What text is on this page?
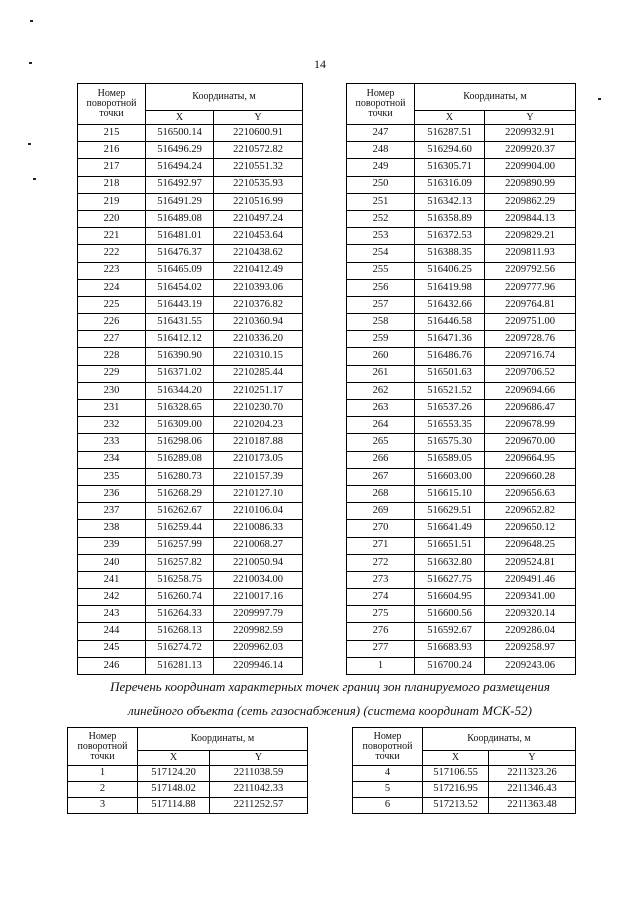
14
Номер поворотной точки	Координаты, м	
	X	Y
215	516500.14	2210600.91
216	516496.29	2210572.82
217	516494.24	2210551.32
218	516492.97	2210535.93
219	516491.29	2210516.99
220	516489.08	2210497.24
221	516481.01	2210453.64
222	516476.37	2210438.62
223	516465.09	2210412.49
224	516454.02	2210393.06
225	516443.19	2210376.82
226	516431.55	2210360.94
227	516412.12	2210336.20
228	516390.90	2210310.15
229	516371.02	2210285.44
230	516344.20	2210251.17
231	516328.65	2210230.70
232	516309.00	2210204.23
233	516298.06	2210187.88
234	516289.08	2210173.05
235	516280.73	2210157.39
236	516268.29	2210127.10
237	516262.67	2210106.04
238	516259.44	2210086.33
239	516257.99	2210068.27
240	516257.82	2210050.94
241	516258.75	2210034.00
242	516260.74	2210017.16
243	516264.33	2209997.79
244	516268.13	2209982.59
245	516274.72	2209962.03
246	516281.13	2209946.14
Номер поворотной точки	Координаты, м	
	X	Y
247	516287.51	2209932.91
248	516294.60	2209920.37
249	516305.71	2209904.00
250	516316.09	2209890.99
251	516342.13	2209862.29
252	516358.89	2209844.13
253	516372.53	2209829.21
254	516388.35	2209811.93
255	516406.25	2209792.56
256	516419.98	2209777.96
257	516432.66	2209764.81
258	516446.58	2209751.00
259	516471.36	2209728.76
260	516486.76	2209716.74
261	516501.63	2209706.52
262	516521.52	2209694.66
263	516537.26	2209686.47
264	516553.35	2209678.99
265	516575.30	2209670.00
266	516589.05	2209664.95
267	516603.00	2209660.28
268	516615.10	2209656.63
269	516629.51	2209652.82
270	516641.49	2209650.12
271	516651.51	2209648.25
272	516632.80	2209524.81
273	516627.75	2209491.46
274	516604.95	2209341.00
275	516600.56	2209320.14
276	516592.67	2209286.04
277	516683.93	2209258.97
1	516700.24	2209243.06
Перечень координат характерных точек границ зон планируемого размещения
линейного объекта (сеть газоснабжения) (система координат МСК-52)
Номер поворотной точки	Координаты, м	
	X	Y
1	517124.20	2211038.59
2	517148.02	2211042.33
3	517114.88	2211252.57
Номер поворотной точки	Координаты, м	
	X	Y
4	517106.55	2211323.26
5	517216.95	2211346.43
6	517213.52	2211363.48
